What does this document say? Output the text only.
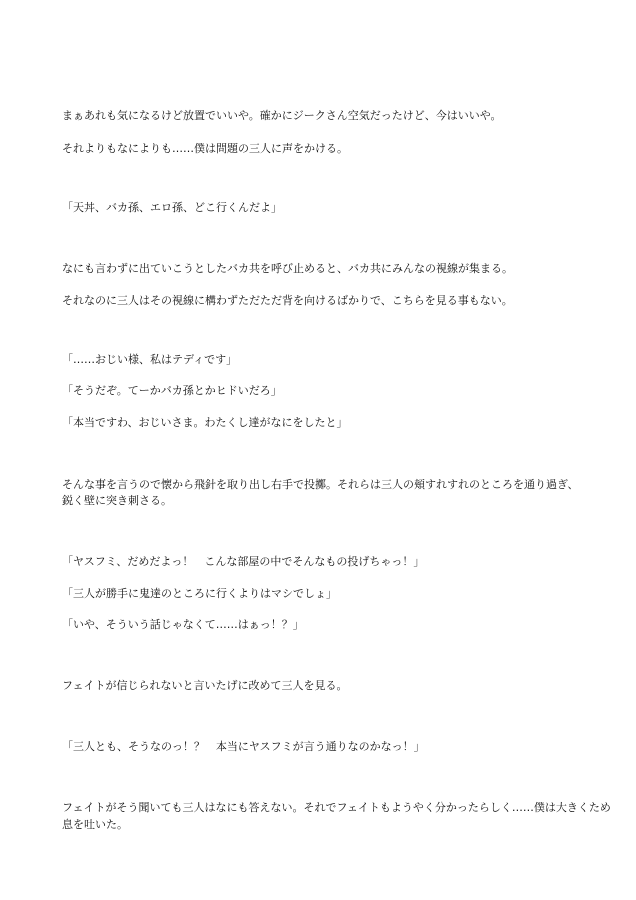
まぁあれも気になるけど放置でいいや。確かにジークさん空気だったけど、今はいいや。
それよりもなによりも……僕は問題の三人に声をかける。
「天丼、バカ孫、エロ孫、どこ行くんだよ」
なにも言わずに出ていこうとしたバカ共を呼び止めると、バカ共にみんなの視線が集まる。
それなのに三人はその視線に構わずただただ背を向けるばかりで、こちらを見る事もない。
「……おじい様、私はテディです」
「そうだぞ。てーかバカ孫とかヒドいだろ」
「本当ですわ、おじいさま。わたくし達がなにをしたと」
そんな事を言うので懐から飛針を取り出し右手で投擲。それらは三人の頬すれすれのところを通り過ぎ、
鋭く壁に突き刺さる。
「ヤスフミ、だめだよっ！　こんな部屋の中でそんなもの投げちゃっ！」
「三人が勝手に鬼達のところに行くよりはマシでしょ」
「いや、そういう話じゃなくて……はぁっ！？」
フェイトが信じられないと言いたげに改めて三人を見る。
「三人とも、そうなのっ！？　本当にヤスフミが言う通りなのかなっ！」
フェイトがそう聞いても三人はなにも答えない。それでフェイトもようやく分かったらしく……僕は大きくため
息を吐いた。
